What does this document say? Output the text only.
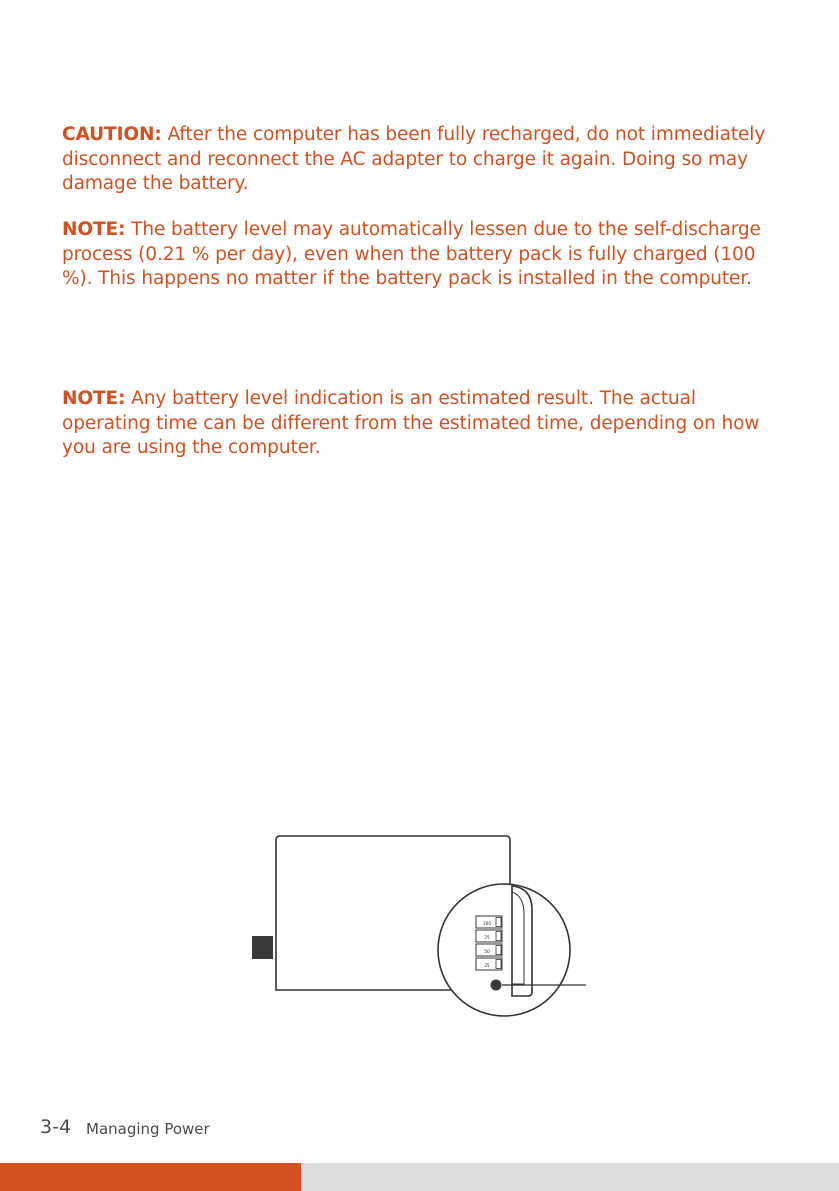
CAUTION: After the computer has been fully recharged, do not immediately disconnect and reconnect the AC adapter to charge it again. Doing so may damage the battery.
NOTE: The battery level may automatically lessen due to the self-discharge process (0.21 % per day), even when the battery pack is fully charged (100 %). This happens no matter if the battery pack is installed in the computer.
NOTE: Any battery level indication is an estimated result. The actual operating time can be different from the estimated time, depending on how you are using the computer.
100
75
50
25
3-4 Managing Power
